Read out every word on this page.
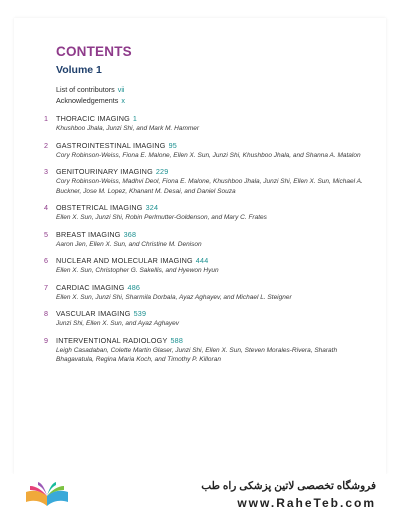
CONTENTS
Volume 1
List of contributors vii
Acknowledgements x
1 THORACIC IMAGING 1
Khushboo Jhala, Junzi Shi, and Mark M. Hammer
2 GASTROINTESTINAL IMAGING 95
Cory Robinson-Weiss, Fiona E. Malone, Ellen X. Sun, Junzi Shi, Khushboo Jhala, and Shanna A. Matalon
3 GENITOURINARY IMAGING 229
Cory Robinson-Weiss, Madhvi Deol, Fiona E. Malone, Khushboo Jhala, Junzi Shi, Ellen X. Sun, Michael A. Buckner, Jose M. Lopez, Khanant M. Desai, and Daniel Souza
4 OBSTETRICAL IMAGING 324
Ellen X. Sun, Junzi Shi, Robin Perlmutter-Goldenson, and Mary C. Frates
5 BREAST IMAGING 368
Aaron Jen, Ellen X. Sun, and Christine M. Denison
6 NUCLEAR AND MOLECULAR IMAGING 444
Ellen X. Sun, Christopher G. Sakellis, and Hyewon Hyun
7 CARDIAC IMAGING 486
Ellen X. Sun, Junzi Shi, Sharmila Dorbala, Ayaz Aghayev, and Michael L. Steigner
8 VASCULAR IMAGING 539
Junzi Shi, Ellen X. Sun, and Ayaz Aghayev
9 INTERVENTIONAL RADIOLOGY 588
Leigh Casadaban, Colette Martin Glaser, Junzi Shi, Ellen X. Sun, Steven Morales-Rivera, Sharath Bhagavatula, Regina Maria Koch, and Timothy P. Killoran
فروشگاه تخصصی لاتین پزشکی راه طب
www.RaheTeb.com
